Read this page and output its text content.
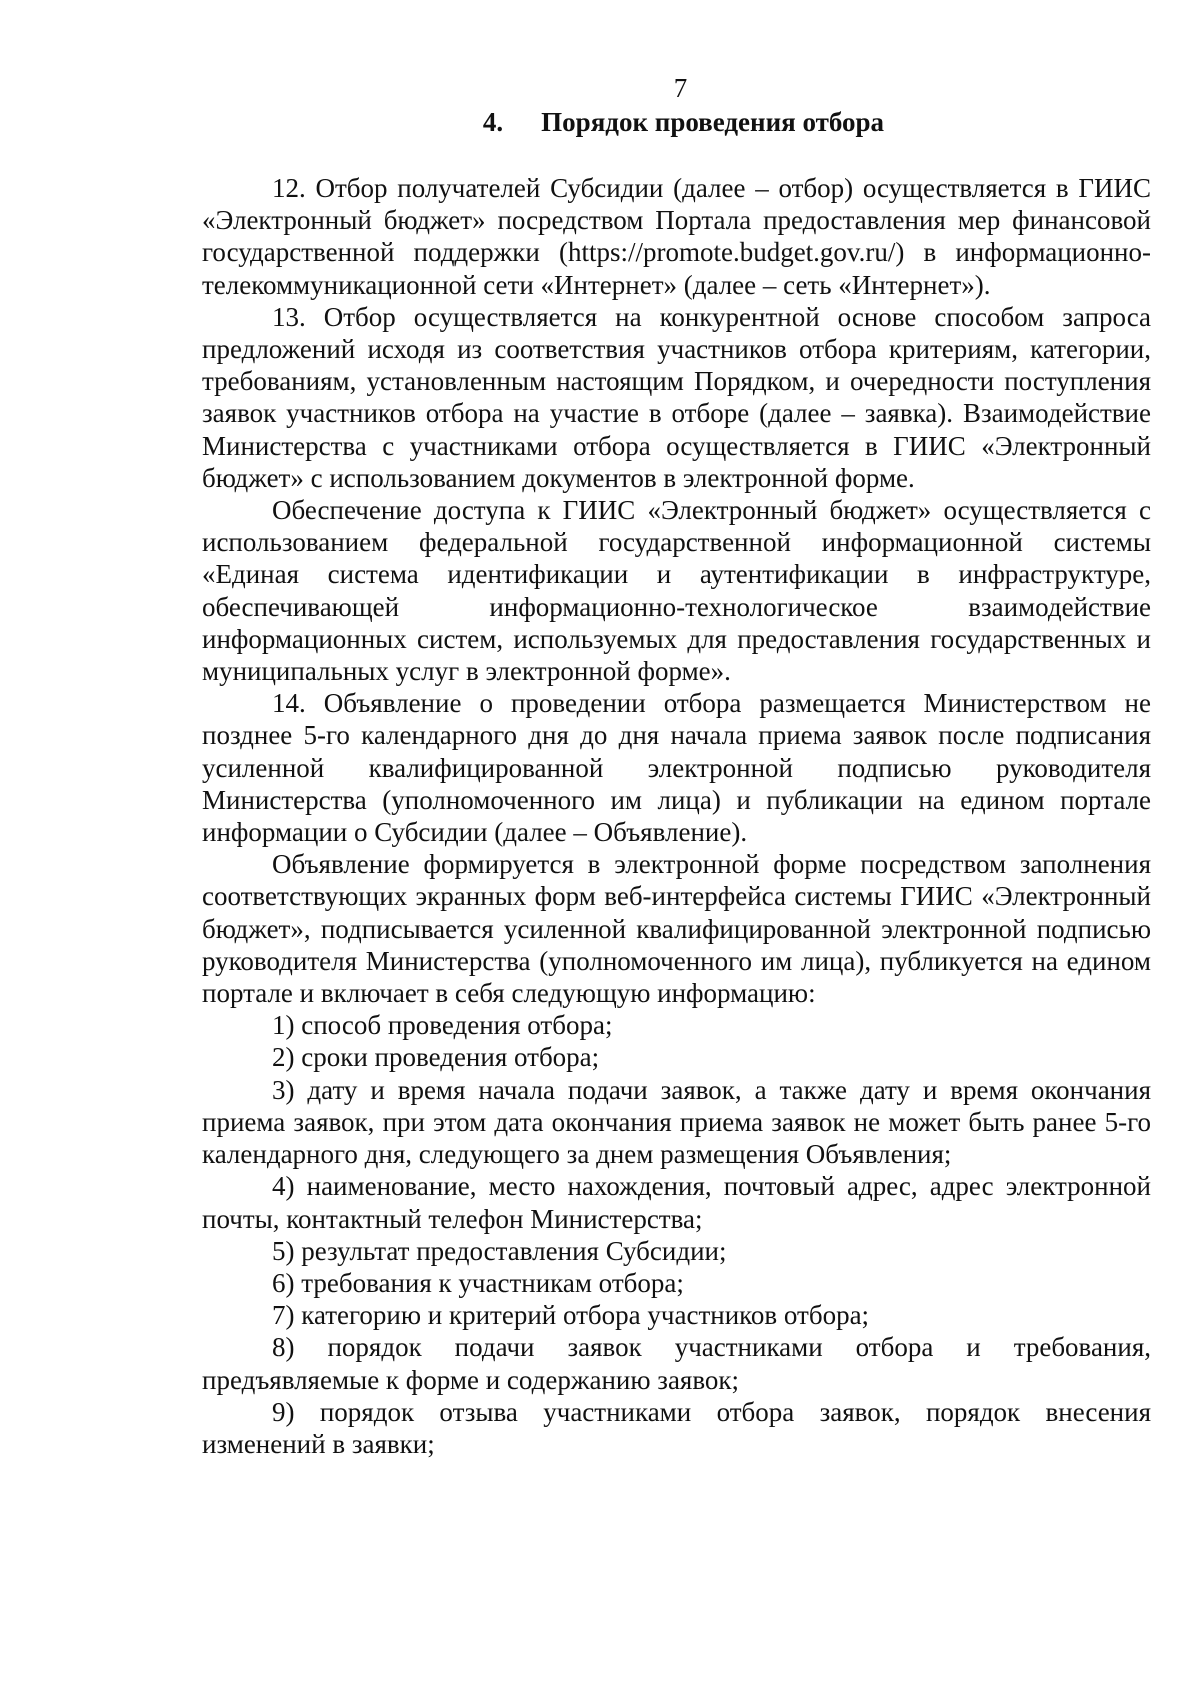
7
4. Порядок проведения отбора

12. Отбор получателей Субсидии (далее – отбор) осуществляется в ГИИС «Электронный бюджет» посредством Портала предоставления мер финансовой государственной поддержки (https://promote.budget.gov.ru/) в информационно-телекоммуникационной сети «Интернет» (далее – сеть «Интернет»).

13. Отбор осуществляется на конкурентной основе способом запроса предложений исходя из соответствия участников отбора критериям, категории, требованиям, установленным настоящим Порядком, и очередности поступления заявок участников отбора на участие в отборе (далее – заявка). Взаимодействие Министерства с участниками отбора осуществляется в ГИИС «Электронный бюджет» с использованием документов в электронной форме.

Обеспечение доступа к ГИИС «Электронный бюджет» осуществляется с использованием федеральной государственной информационной системы «Единая система идентификации и аутентификации в инфраструктуре, обеспечивающей информационно-технологическое взаимодействие информационных систем, используемых для предоставления государственных и муниципальных услуг в электронной форме».

14. Объявление о проведении отбора размещается Министерством не позднее 5-го календарного дня до дня начала приема заявок после подписания усиленной квалифицированной электронной подписью руководителя Министерства (уполномоченного им лица) и публикации на едином портале информации о Субсидии (далее – Объявление).

Объявление формируется в электронной форме посредством заполнения соответствующих экранных форм веб-интерфейса системы ГИИС «Электронный бюджет», подписывается усиленной квалифицированной электронной подписью руководителя Министерства (уполномоченного им лица), публикуется на едином портале и включает в себя следующую информацию:

1) способ проведения отбора;

2) сроки проведения отбора;

3) дату и время начала подачи заявок, а также дату и время окончания приема заявок, при этом дата окончания приема заявок не может быть ранее 5-го календарного дня, следующего за днем размещения Объявления;

4) наименование, место нахождения, почтовый адрес, адрес электронной почты, контактный телефон Министерства;

5) результат предоставления Субсидии;

6) требования к участникам отбора;

7) категорию и критерий отбора участников отбора;

8) порядок подачи заявок участниками отбора и требования, предъявляемые к форме и содержанию заявок;

9) порядок отзыва участниками отбора заявок, порядок внесения изменений в заявки;
